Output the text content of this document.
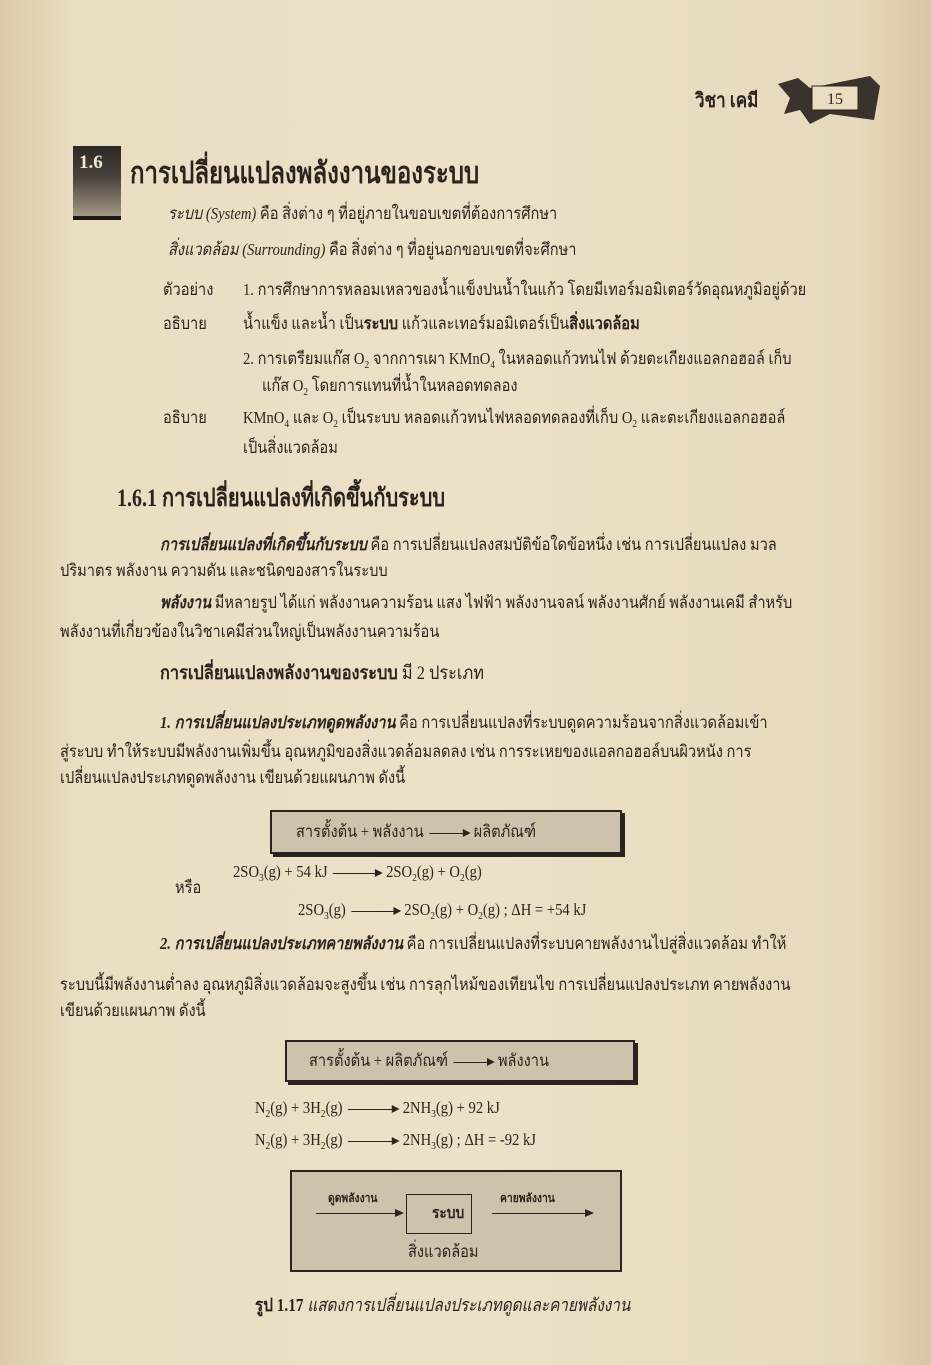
วิชา เคมี	15
1.6 การเปลี่ยนแปลงพลังงานของระบบ
ระบบ (System) คือ สิ่งต่าง ๆ ที่อยู่ภายในขอบเขตที่ต้องการศึกษา
สิ่งแวดล้อม (Surrounding) คือ สิ่งต่าง ๆ ที่อยู่นอกขอบเขตที่จะศึกษา
ตัวอย่าง 1. การศึกษาการหลอมเหลวของน้ำแข็งปนน้ำในแก้ว โดยมีเทอร์มอมิเตอร์วัดอุณหภูมิอยู่ด้วย
อธิบาย น้ำแข็ง และน้ำ เป็นระบบ แก้วและเทอร์มอมิเตอร์เป็นสิ่งแวดล้อม
2. การเตรียมแก๊ส $O_2$ จากการเผา KMnO$_4$ ในหลอดแก้วทนไฟ ด้วยตะเกียงแอลกอฮอล์ เก็บ
แก๊ส $O_2$ โดยการแทนที่น้ำในหลอดทดลอง
อธิบาย KMnO$_4$ และ $O_2$ เป็นระบบ หลอดแก้วทนไฟหลอดทดลองที่เก็บ $O_2$ และตะเกียงแอลกอฮอล์
เป็นสิ่งแวดล้อม
1.6.1 การเปลี่ยนแปลงที่เกิดขึ้นกับระบบ
การเปลี่ยนแปลงที่เกิดขึ้นกับระบบ คือ การเปลี่ยนแปลงสมบัติข้อใดข้อหนึ่ง เช่น การเปลี่ยนแปลง มวล
ปริมาตร พลังงาน ความดัน และชนิดของสารในระบบ
พลังงาน มีหลายรูป ได้แก่ พลังงานความร้อน แสง ไฟฟ้า พลังงานจลน์ พลังงานศักย์ พลังงานเคมี สำหรับ
พลังงานที่เกี่ยวข้องในวิชาเคมีส่วนใหญ่เป็นพลังงานความร้อน
การเปลี่ยนแปลงพลังงานของระบบ มี 2 ประเภท
1. การเปลี่ยนแปลงประเภทดูดพลังงาน คือ การเปลี่ยนแปลงที่ระบบดูดความร้อนจากสิ่งแวดล้อมเข้า
สู่ระบบ ทำให้ระบบมีพลังงานเพิ่มขึ้น อุณหภูมิของสิ่งแวดล้อมลดลง เช่น การระเหยของแอลกอฮอล์บนผิวหนัง การ
เปลี่ยนแปลงประเภทดูดพลังงาน เขียนด้วยแผนภาพ ดังนี้
สารตั้งต้น + พลังงาน	ผลิตภัณฑ์
$2SO_3(g) + 54$ kJ	$2SO_2(g) + O_2(g)$
หรือ
$2SO_3(g)$	$2SO_2(g) + O_2(g)$ ; ΔH = +54 kJ
2. การเปลี่ยนแปลงประเภทคายพลังงาน คือ การเปลี่ยนแปลงที่ระบบคายพลังงานไปสู่สิ่งแวดล้อม ทำให้
ระบบนี้มีพลังงานต่ำลง อุณหภูมิสิ่งแวดล้อมจะสูงขึ้น เช่น การลุกไหม้ของเทียนไข การเปลี่ยนแปลงประเภท คายพลังงาน
เขียนด้วยแผนภาพ ดังนี้
สารตั้งต้น + ผลิตภัณฑ์	พลังงาน
$N_2(g) + 3H_2(g)$	$2NH_3(g) + 92$ kJ
$N_2(g) + 3H_2(g)$	$2NH_3(g)$ ; ΔH = -92 kJ
ระบบ
ดูดพลังงาน	คายพลังงาน
สิ่งแวดล้อม
รูป 1.17 แสดงการเปลี่ยนแปลงประเภทดูดและคายพลังงาน
